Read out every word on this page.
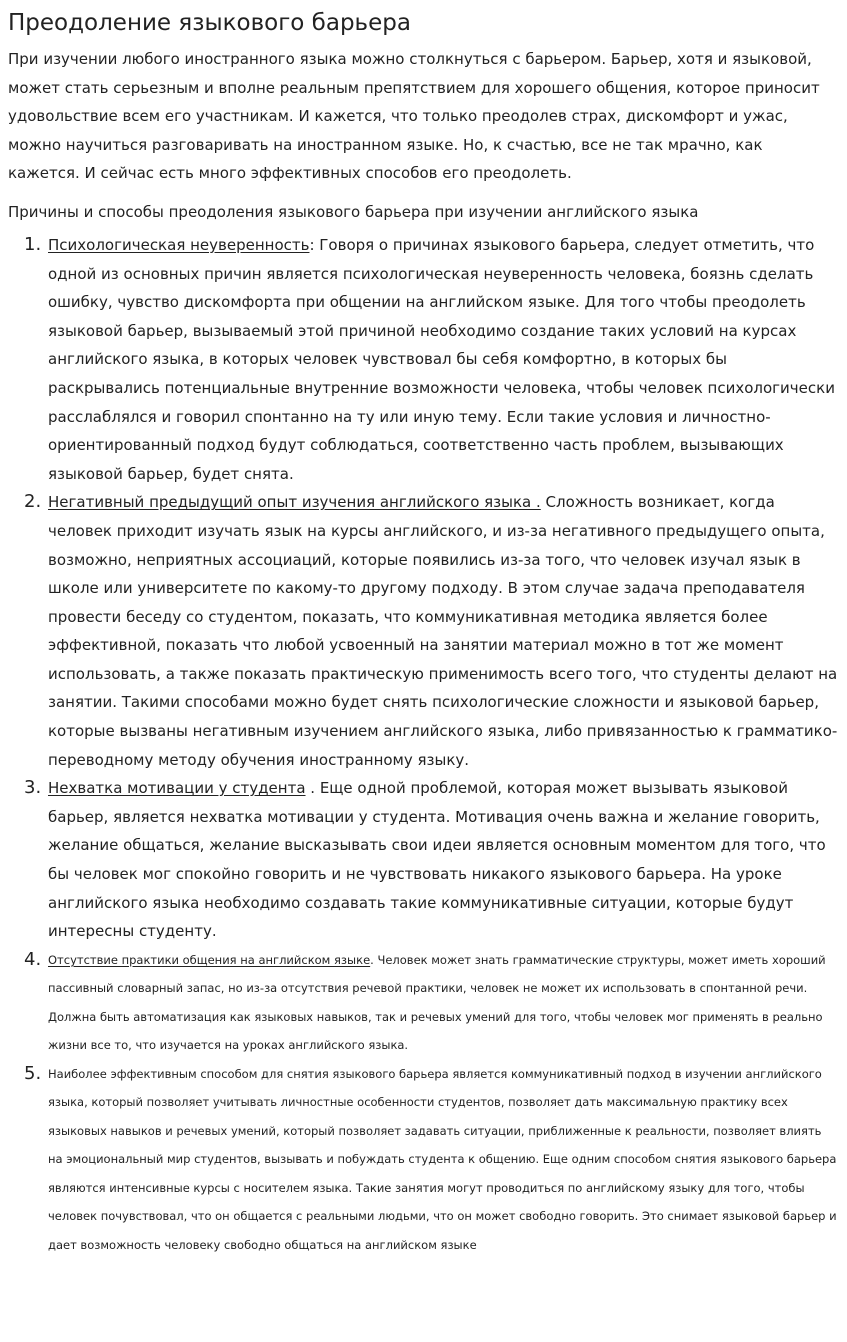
Преодоление языкового барьера

При изучении любого иностранного языка можно столкнуться с барьером. Барьер, хотя и языковой, может стать серьезным и вполне реальным препятствием для хорошего общения, которое приносит удовольствие всем его участникам. И кажется, что только преодолев страх, дискомфорт и ужас, можно научиться разговаривать на иностранном языке. Но, к счастью, все не так мрачно, как кажется. И сейчас есть много эффективных способов его преодолеть.

Причины и способы преодоления языкового барьера при изучении английского языка

1. Психологическая неуверенность: Говоря о причинах языкового барьера, следует отметить, что одной из основных причин является психологическая неуверенность человека, боязнь сделать ошибку, чувство дискомфорта при общении на английском языке. Для того чтобы преодолеть языковой барьер, вызываемый этой причиной необходимо создание таких условий на курсах английского языка, в которых человек чувствовал бы себя комфортно, в которых бы раскрывались потенциальные внутренние возможности человека, чтобы человек психологически расслаблялся и говорил спонтанно на ту или иную тему. Если такие условия и личностно-ориентированный подход будут соблюдаться, соответственно часть проблем, вызывающих языковой барьер, будет снята.
2. Негативный предыдущий опыт изучения английского языка . Сложность возникает, когда человек приходит изучать язык на курсы английского, и из-за негативного предыдущего опыта, возможно, неприятных ассоциаций, которые появились из-за того, что человек изучал язык в школе или университете по какому-то другому подходу. В этом случае задача преподавателя провести беседу со студентом, показать, что коммуникативная методика является более эффективной, показать что любой усвоенный на занятии материал можно в тот же момент использовать, а также показать практическую применимость всего того, что студенты делают на занятии. Такими способами можно будет снять психологические сложности и языковой барьер, которые вызваны негативным изучением английского языка, либо привязанностью к грамматико-переводному методу обучения иностранному языку.
3. Нехватка мотивации у студента . Еще одной проблемой, которая может вызывать языковой барьер, является нехватка мотивации у студента. Мотивация очень важна и желание говорить, желание общаться, желание высказывать свои идеи является основным моментом для того, что бы человек мог спокойно говорить и не чувствовать никакого языкового барьера. На уроке английского языка необходимо создавать такие коммуникативные ситуации, которые будут интересны студенту.
4. Отсутствие практики общения на английском языке. Человек может знать грамматические структуры, может иметь хороший пассивный словарный запас, но из-за отсутствия речевой практики, человек не может их использовать в спонтанной речи. Должна быть автоматизация как языковых навыков, так и речевых умений для того, чтобы человек мог применять в реально жизни все то, что изучается на уроках английского языка.
5. Наиболее эффективным способом для снятия языкового барьера является коммуникативный подход в изучении английского языка, который позволяет учитывать личностные особенности студентов, позволяет дать максимальную практику всех языковых навыков и речевых умений, который позволяет задавать ситуации, приближенные к реальности, позволяет влиять на эмоциональный мир студентов, вызывать и побуждать студента к общению. Еще одним способом снятия языкового барьера являются интенсивные курсы с носителем языка. Такие занятия могут проводиться по английскому языку для того, чтобы человек почувствовал, что он общается с реальными людьми, что он может свободно говорить. Это снимает языковой барьер и дает возможность человеку свободно общаться на английском языке
